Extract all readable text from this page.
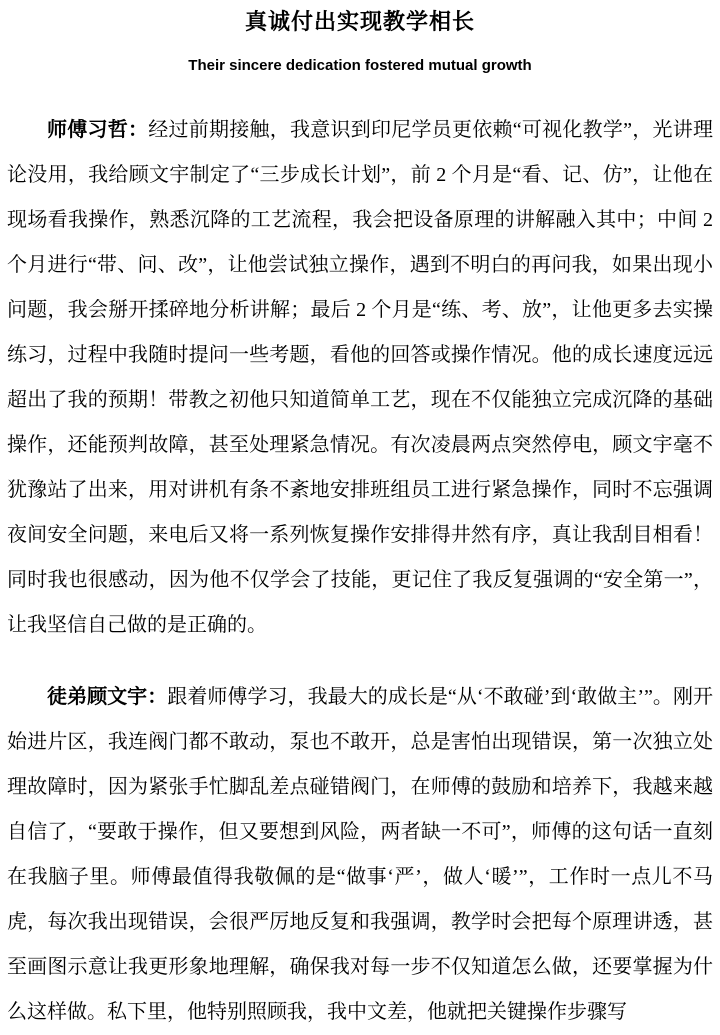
真诚付出实现教学相长
Their sincere dedication fostered mutual growth

师傅习哲：经过前期接触，我意识到印尼学员更依赖“可视化教学”，光讲理论没用，我给顾文宇制定了“三步成长计划”，前 2 个月是“看、记、仿”，让他在现场看我操作，熟悉沉降的工艺流程，我会把设备原理的讲解融入其中；中间 2 个月进行“带、问、改”，让他尝试独立操作，遇到不明白的再问我，如果出现小问题，我会掰开揉碎地分析讲解；最后 2 个月是“练、考、放”，让他更多去实操练习，过程中我随时提问一些考题，看他的回答或操作情况。他的成长速度远远超出了我的预期！带教之初他只知道简单工艺，现在不仅能独立完成沉降的基础操作，还能预判故障，甚至处理紧急情况。有次凌晨两点突然停电，顾文宇毫不犹豫站了出来，用对讲机有条不紊地安排班组员工进行紧急操作，同时不忘强调夜间安全问题，来电后又将一系列恢复操作安排得井然有序，真让我刮目相看！同时我也很感动，因为他不仅学会了技能，更记住了我反复强调的“安全第一”，让我坚信自己做的是正确的。

徒弟顾文宇：跟着师傅学习，我最大的成长是“从‘不敢碰’到‘敢做主’”。刚开始进片区，我连阀门都不敢动，泵也不敢开，总是害怕出现错误，第一次独立处理故障时，因为紧张手忙脚乱差点碰错阀门，在师傅的鼓励和培养下，我越来越自信了，“要敢于操作，但又要想到风险，两者缺一不可”，师傅的这句话一直刻在我脑子里。师傅最值得我敬佩的是“做事‘严’，做人‘暖’”，工作时一点儿不马虎，每次我出现错误，会很严厉地反复和我强调，教学时会把每个原理讲透，甚至画图示意让我更形象地理解，确保我对每一步不仅知道怎么做，还要掌握为什么这样做。私下里，他特别照顾我，我中文差，他就把关键操作步骤写
